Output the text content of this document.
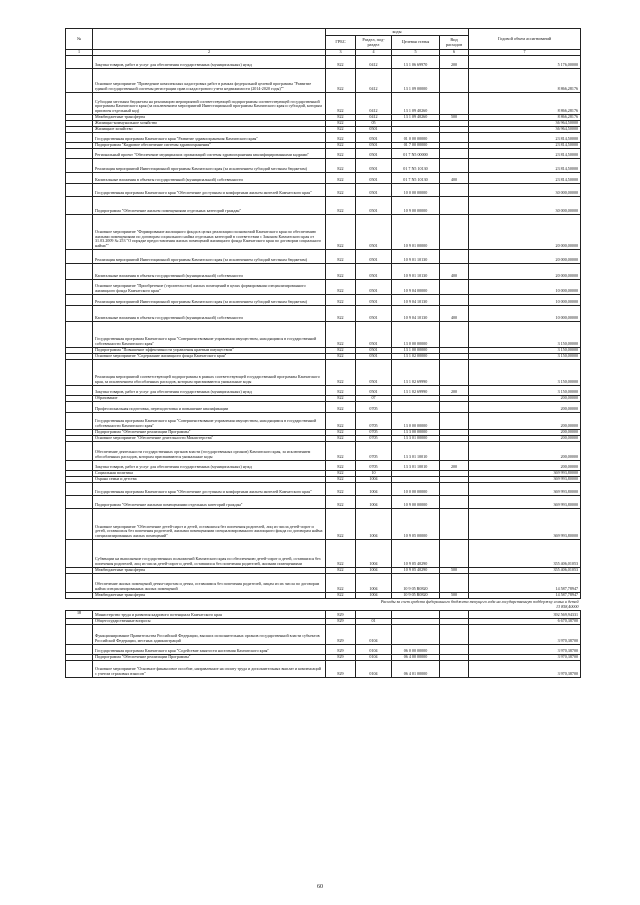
№		коды				Годовой объем ассигнований
		ГРБС	Раздел, под-раздел	Целевая статья	Вид расходов	
1	2	3	4	5	6	7
	Закупка товаров, работ и услуг для обеспечения государственных (муниципальных) нужд	822	0412	13 1 06 69970	200	5 176,00000
	Основное мероприятие "Проведение комплексных кадастровых работ в рамках федеральной целевой программы "Развитие единой государственной системы регистрации прав и кадастрового учета недвижимости (2014-2020 годы)""	822	0412	13 1 09 00000		8 866,28176
	Субсидии местным бюджетам на реализацию мероприятий соответствующей подпрограммы соответствующей государственной программы Камчатского края (за исключением мероприятий Инвестиционной программы Камчатского края и субсидий, которым присвоен отдельный код)	822	0412	13 1 09 40260		8 866,28176
	Межбюджетные трансферты	822	0412	13 1 09 40260	500	8 866,28176
	Жилищно-коммунальное хозяйство	822	05			36 964,50000
	Жилищное хозяйство	822	0501			36 964,50000
	Государственная программа Камчатского края "Развитие здравоохранения Камчатского края"	822	0501	01 0 00 00000		23 814,50000
	Подпрограмма "Кадровое обеспечение системы здравоохранения"	822	0501	01 7 00 00000		23 814,50000
	Региональный проект "Обеспечение медицинских организаций системы здравоохранения квалифицированными кадрами"	822	0501	01 7 N5 00000		23 814,50000
	Реализация мероприятий Инвестиционной программы Камчатского края (за исключением субсидий местным бюджетам)	822	0501	01 7 N5 10130		23 814,50000
	Капитальные вложения в объекты государственной (муниципальной) собственности	822	0501	01 7 N5 10130	400	23 814,50000
	Государственная программа Камчатского края "Обеспечение доступным и комфортным жильем жителей Камчатского края"	822	0501	10 0 00 00000		30 000,00000
	Подпрограмма "Обеспечение жильем помещениями отдельных категорий граждан"	822	0501	10 9 00 00000		30 000,00000
	Основное мероприятие "Формирование жилищного фонда в целях реализации полномочий Камчатского края по обеспечению жилыми помещениями по договорам социального найма отдельных категорий в соответствии с Законом Камчатского края от 31.03.2009 № 253 "О порядке предоставления жилых помещений жилищного фонда Камчатского края по договорам социального найма""	822	0501	10 9 01 00000		20 000,00000
	Реализация мероприятий Инвестиционной программы Камчатского края (за исключением субсидий местным бюджетам)	822	0501	10 9 01 10130		20 000,00000
	Капитальные вложения в объекты государственной (муниципальной) собственности	822	0501	10 9 01 10130	400	20 000,00000
	Основное мероприятие "Приобретение (строительство) жилых помещений в целях формирования специализированного жилищного фонда Камчатского края"	822	0501	10 9 04 00000		10 000,00000
	Реализация мероприятий Инвестиционной программы Камчатского края (за исключением субсидий местным бюджетам)	822	0501	10 9 04 10130		10 000,00000
	Капитальные вложения в объекты государственной (муниципальной) собственности	822	0501	10 9 04 10130	400	10 000,00000
	Государственная программа Камчатского края "Совершенствование управления имуществом, находящимся в государственной собственности Камчатского края"	822	0501	13 0 00 00000		3 150,00000
	Подпрограмма "Повышение эффективности управления краевым имуществом"	822	0501	13 1 00 00000		3 150,00000
	Основное мероприятие "Содержание жилищного фонда Камчатского края"	822	0501	13 1 02 00000		3 150,00000
	Реализация мероприятий соответствующей подпрограммы в рамках соответствующей государственной программы Камчатского края, за исключением обособленных расходов, которым присваиваются уникальные коды	822	0501	13 1 02 69990		3 150,00000
	Закупка товаров, работ и услуг для обеспечения государственных (муниципальных) нужд	822	0501	13 1 02 69990	200	3 150,00000
	Образование	822	07			200,00000
	Профессиональная подготовка, переподготовка и повышение квалификации	822	0705			200,00000
	Государственная программа Камчатского края "Совершенствование управления имуществом, находящимся в государственной собственности Камчатского края"	822	0705	13 0 00 00000		200,00000
	Подпрограмма "Обеспечение реализации Программы"	822	0705	13 3 00 00000		200,00000
	Основное мероприятие "Обеспечение деятельности Министерства"	822	0705	13 3 01 00000		200,00000
	Обеспечение деятельности государственных органов власти (государственных органов) Камчатского края, за исключением обособленных расходов, которым присваиваются уникальные коды	822	0705	13 3 01 10010		200,00000
	Закупка товаров, работ и услуг для обеспечения государственных (муниципальных) нужд	822	0705	13 3 01 10010	200	200,00000
	Социальная политика	822	10			369 993,80000
	Охрана семьи и детства	822	1004			369 993,80000
	Государственная программа Камчатского края "Обеспечение доступным и комфортным жильем жителей Камчатского края"	822	1004	10 0 00 00000		369 993,80000
	Подпрограмма "Обеспечение жилыми помещениями отдельных категорий граждан"	822	1004	10 9 00 00000		369 993,80000
	Основное мероприятие "Обеспечение детей-сирот и детей, оставшихся без попечения родителей, лиц из числа детей-сирот и детей, оставшихся без попечения родителей, жилыми помещениями специализированного жилищного фонда по договорам найма специализированных жилых помещений"	822	1004	10 9 05 00000		369 993,80000
	Субвенции на выполнение государственных полномочий Камчатского края по обеспечению детей-сирот и детей, оставшихся без попечения родителей, лиц из числа детей-сирот и детей, оставшихся без попечения родителей, жилыми помещениями	822	1004	10 9 05 40290		355 406,01053
	Межбюджетные трансферты	822	1004	10 9 05 40290	500	355 406,01053
	Обеспечение жилых помещений детям-сиротам и детям, оставшимся без попечения родителей, лицам из их числа по договорам найма специализированных жилых помещений	822	1004	10 9 05 R0820		14 587,78947
	Межбюджетные трансферты	822	1004	10 9 05 R0820	500	14 587,78947
Расходы за счет средств федерального бюджета текущего года на государственную поддержку семьи и детей
13 858,40000						
18	Министерство труда и развития кадрового потенциала Камчатского края	829				392 569,94331
	Общегосударственные вопросы	829	01			6 670,38700
	Функционирование Правительства Российской Федерации, высших исполнительных органов государственной власти субъектов Российской Федерации, местных администраций	829	0104			3 970,38700
	Государственная программа Камчатского края "Содействие занятости населения Камчатского края"	829	0104	06 0 00 00000		3 970,38700
	Подпрограмма "Обеспечение реализации Программы"	829	0104	06 4 00 00000		3 970,38700
	Основное мероприятие "Основное финансовое пособие, направленное на оплату труда и дополнительных выплат и компенсаций с учетом страховых взносов"	829	0104	06 4 01 00000		3 970,38700
60
